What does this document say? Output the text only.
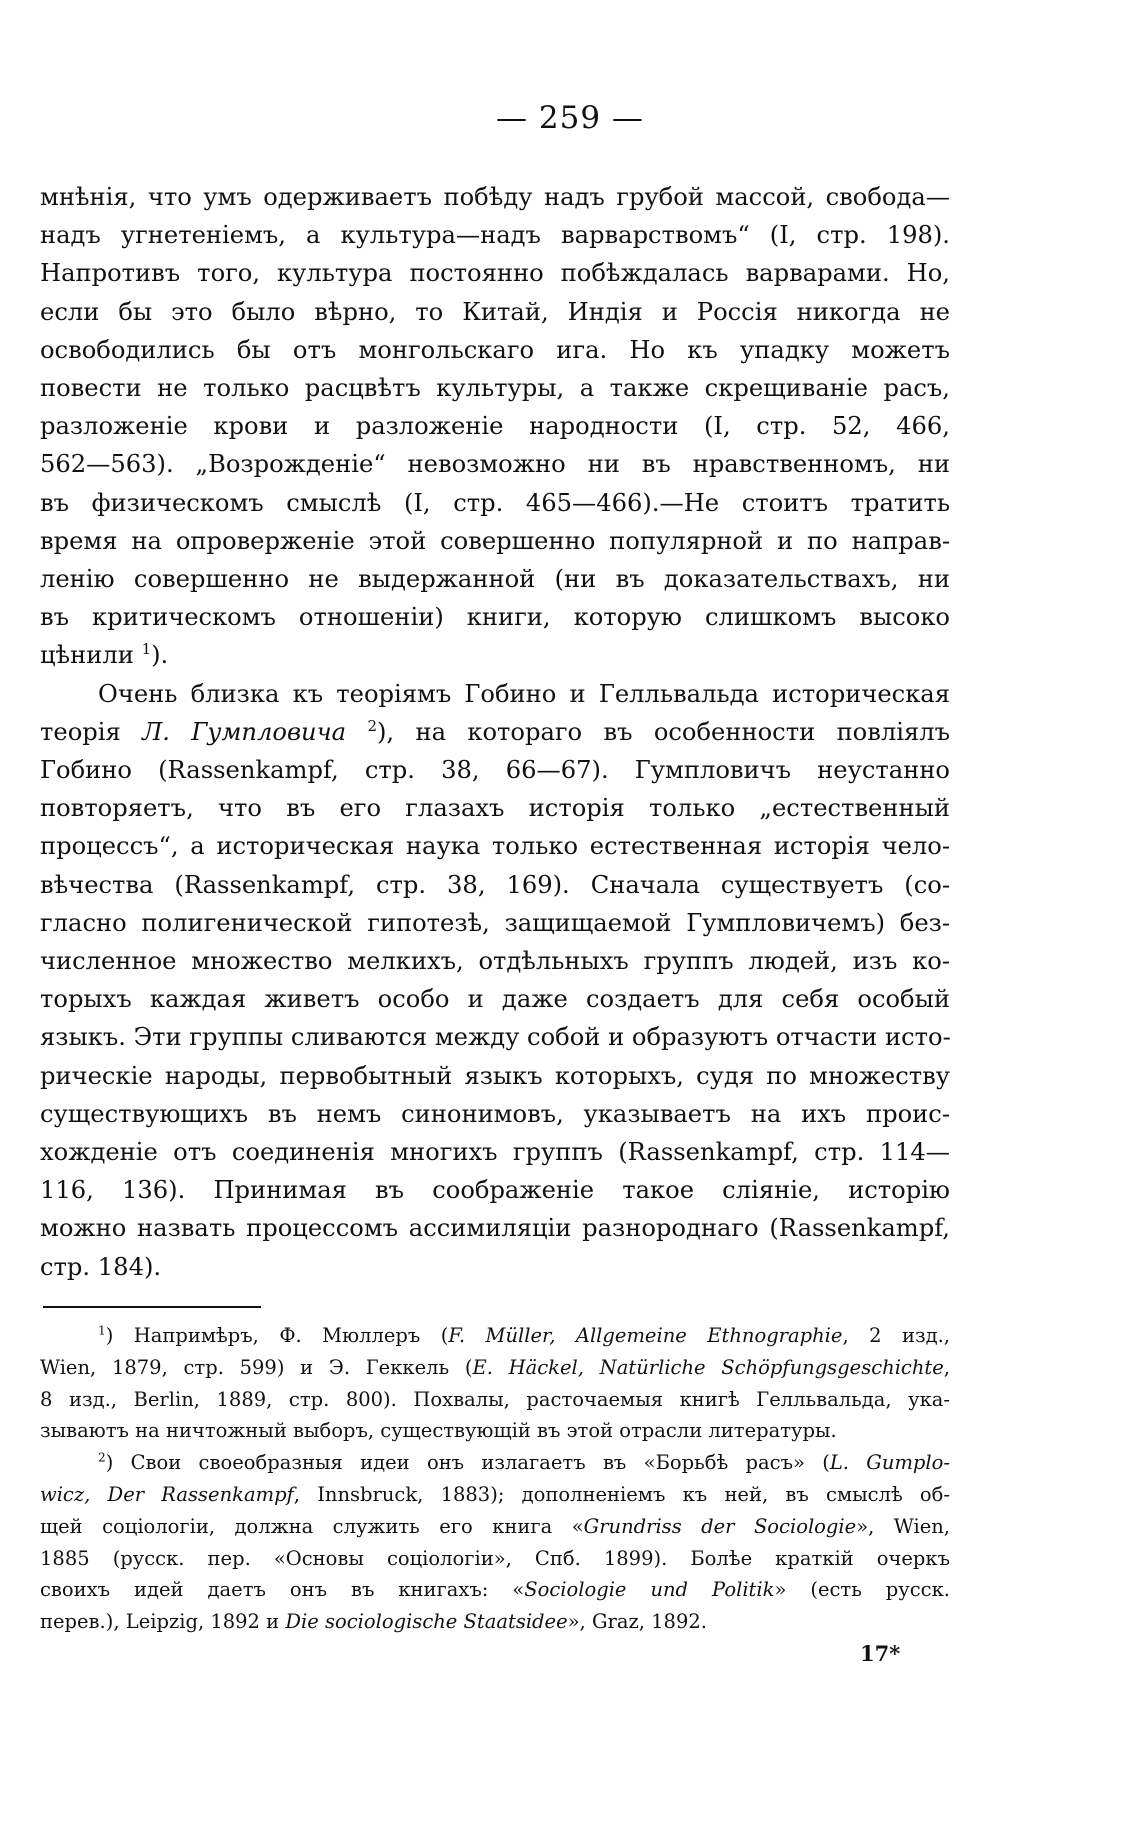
— 259 —

мнѣнія, что умъ одерживаетъ побѣду надъ грубой массой, свобода—
надъ угнетеніемъ, а культура—надъ варварствомъ“ (I, стр. 198).
Напротивъ того, культура постоянно побѣждалась варварами. Но,
если бы это было вѣрно, то Китай, Индія и Россія никогда не
освободились бы отъ монгольскаго ига. Но къ упадку можетъ
повести не только расцвѣтъ культуры, а также скрещиваніе расъ,
разложеніе крови и разложеніе народности (I, стр. 52, 466,
562—563). „Возрожденіе“ невозможно ни въ нравственномъ, ни
въ физическомъ смыслѣ (I, стр. 465—466).—Не стоитъ тратить
время на опроверженіе этой совершенно популярной и по направ-
ленію совершенно не выдержанной (ни въ доказательствахъ, ни
въ критическомъ отношеніи) книги, которую слишкомъ высоко
цѣнили $^1$).

Очень близка къ теоріямъ Гобино и Гелльвальда историческая
теорія Л. Гумпловича $^2$), на котораго въ особенности повліялъ
Гобино (Rassenkampf, стр. 38, 66—67). Гумпловичъ неустанно
повторяетъ, что въ его глазахъ исторія только „естественный
процессъ“, а историческая наука только естественная исторія чело-
вѣчества (Rassenkampf, стр. 38, 169). Сначала существуетъ (со-
гласно полигенической гипотезѣ, защищаемой Гумпловичемъ) без-
численное множество мелкихъ, отдѣльныхъ группъ людей, изъ ко-
торыхъ каждая живетъ особо и даже создаетъ для себя особый
языкъ. Эти группы сливаются между собой и образуютъ отчасти исто-
рическіе народы, первобытный языкъ которыхъ, судя по множеству
существующихъ въ немъ синонимовъ, указываетъ на ихъ проис-
хожденіе отъ соединенія многихъ группъ (Rassenkampf, стр. 114—
116, 136). Принимая въ соображеніе такое сліяніе, исторію
можно назвать процессомъ ассимиляціи разнороднаго (Rassenkampf,
стр. 184).

$^1$) Напримѣръ, Ф. Мюллеръ (F. Müller, Allgemeine Ethnographie, 2 изд.,
Wien, 1879, стр. 599) и Э. Геккель (E. Häckel, Natürliche Schöpfungsgeschichte,
8 изд., Berlin, 1889, стр. 800). Похвалы, расточаемыя книгѣ Гелльвальда, ука-
зываютъ на ничтожный выборъ, существующій въ этой отрасли литературы.

$^2$) Свои своеобразныя идеи онъ излагаетъ въ «Борьбѣ расъ» (L. Gumplo-
wicz, Der Rassenkampf, Innsbruck, 1883); дополненіемъ къ ней, въ смыслѣ об-
щей соціологіи, должна служить его книга «Grundriss der Sociologie», Wien,
1885 (русск. пер. «Основы соціологіи», Спб. 1899). Болѣе краткій очеркъ
своихъ идей даетъ онъ въ книгахъ: «Sociologie und Politik» (есть русск.
перев.), Leipzig, 1892 и Die sociologische Staatsidee», Graz, 1892.

17*
